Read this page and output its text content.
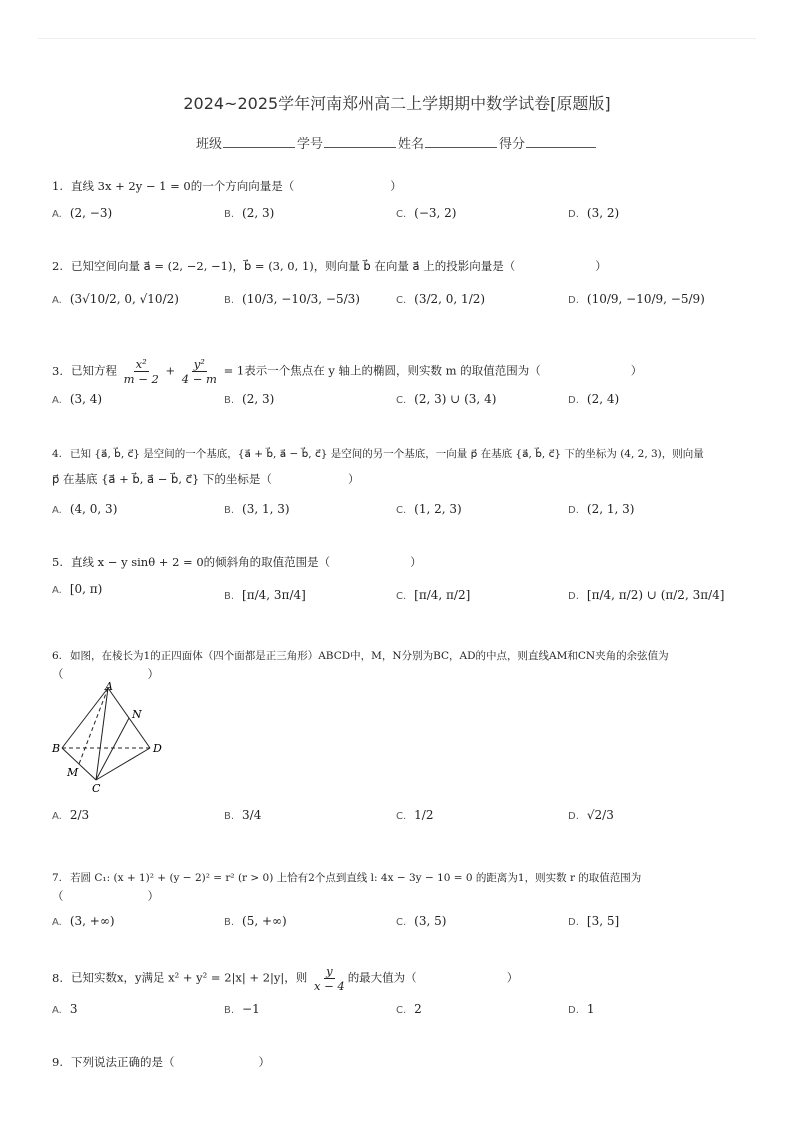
2024~2025学年河南郑州高二上学期期中数学试卷[原题版]
班级	学号	姓名	得分
1. 直线 3x + 2y − 1 = 0的一个方向向量是（	）
A. (2, −3)	B. (2, 3)	C. (−3, 2)	D. (3, 2)
2. 已知空间向量 a⃗ = (2, −2, −1)，b⃗ = (3, 0, 1)，则向量 b⃗ 在向量 a⃗ 上的投影向量是（	）
A. (3√10/2, 0, √10/2)	B. (10/3, −10/3, −5/3)	C. (3/2, 0, 1/2)	D. (10/9, −10/9, −5/9)
3. 已知方程 $\frac{\text{x²}}{m - 2} + \frac{\text{y²}}{4 - m} = 1$表示一个焦点在 y 轴上的椭圆，则实数 m 的取值范围为（	）
A. (3, 4)	B. (2, 3)	C. (2, 3) ∪ (3, 4)	D. (2, 4)
4. 已知 {a⃗, b⃗, c⃗} 是空间的一个基底，{a⃗ + b⃗, a⃗ − b⃗, c⃗} 是空间的另一个基底，一向量 p⃗ 在基底 {a⃗, b⃗, c⃗} 下的坐标为 (4, 2, 3)，则向量
p⃗ 在基底 {a⃗ + b⃗, a⃗ − b⃗, c⃗} 下的坐标是（	）
A. (4, 0, 3)	B. (3, 1, 3)	C. (1, 2, 3)	D. (2, 1, 3)
5. 直线 x − y sinθ + 2 = 0的倾斜角的取值范围是（	）
A. [0, π)
B. [π/4, 3π/4]	C. [π/4, π/2]	D. [π/4, π/2) ∪ (π/2, 3π/4]
6. 如图，在棱长为1的正四面体（四个面都是正三角形）ABCD中，M，N分别为BC，AD的中点，则直线AM和CN夹角的余弦值为
（	）
A
B
C
D
M
N
A. 2/3	B. 3/4	C. 1/2	D. √2/3
7. 若圆 C₁: (x + 1)² + (y − 2)² = r² (r > 0) 上恰有2个点到直线 l: 4x − 3y − 10 = 0 的距离为1，则实数 r 的取值范围为
（	）
A. (3, +∞)	B. (5, +∞)	C. (3, 5)	D. [3, 5]
8. 已知实数x，y满足 x² + y² = 2|x| + 2|y|，则 $\frac{y}{x - 4}$ 的最大值为（	）
A. 3	B. −1	C. 2	D. 1
9. 下列说法正确的是（	）
